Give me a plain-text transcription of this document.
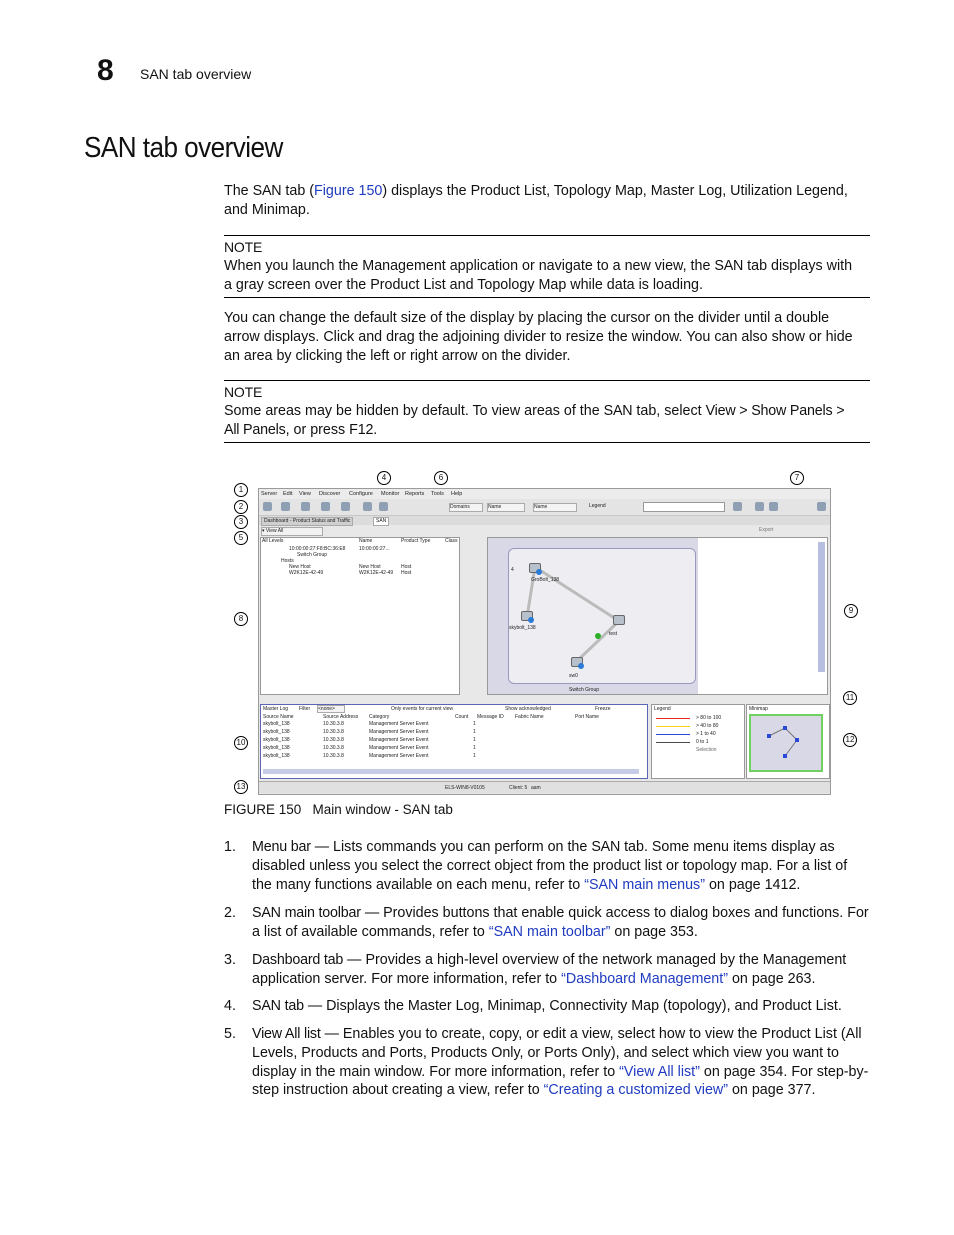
8 SAN tab overview
SAN tab overview
The SAN tab (Figure 150) displays the Product List, Topology Map, Master Log, Utilization Legend,
and Minimap.
NOTE
When you launch the Management application or navigate to a new view, the SAN tab displays with
a gray screen over the Product List and Topology Map while data is loading.
You can change the default size of the display by placing the cursor on the divider until a double
arrow displays. Click and drag the adjoining divider to resize the window. You can also show or hide
an area by clicking the left or right arrow on the divider.
NOTE
Some areas may be hidden by default. To view areas of the SAN tab, select View > Show Panels >
All Panels, or press F12.
1
2
3
4
5
6	7
8
9
10
11
12
13
Server Edit View Discover Configure Monitor Reports Tools Help
Domains	Name	Name	Legend
Dashboard - Product Status and Traffic	SAN
▾ View All	Export
All Levels	Name	Product Type	Class
10:00:00:27:F8:BC:36:E8	10:00:00:27...
Switch Group
Hosts
New Host	New Host	Host
W2K12E-42-49	W2K12E-42-49 Host	4
GroBolt_138
skybolt_138
test
sw0
Switch Group
Master Log Filter <none>	Only events for current view	Show acknowledged	Freeze
Source Name	Source Address Category	Count Message ID Fabric Name	Port Name
skybolt_138	10.30.3.8	Management Server Event	1
skybolt_138	10.30.3.8	Management Server Event	1
skybolt_138	10.30.3.8	Management Server Event	1
skybolt_138	10.30.3.8	Management Server Event	1
skybolt_138	10.30.3.8	Management Server Event	1
Legend
> 80 to 100
> 40 to 80
> 1 to 40
0 to 1
Selection
Minimap
ELS-WIN8-V0105	Client: 5 aam
FIGURE 150 Main window - SAN tab
1. Menu bar — Lists commands you can perform on the SAN tab. Some menu items display as disabled unless you select the correct object from the product list or topology map. For a list of the many functions available on each menu, refer to “SAN main menus” on page 1412.
2. SAN main toolbar — Provides buttons that enable quick access to dialog boxes and functions. For a list of available commands, refer to “SAN main toolbar” on page 353.
3. Dashboard tab — Provides a high-level overview of the network managed by the Management application server. For more information, refer to “Dashboard Management” on page 263.
4. SAN tab — Displays the Master Log, Minimap, Connectivity Map (topology), and Product List.
5. View All list — Enables you to create, copy, or edit a view, select how to view the Product List (All Levels, Products and Ports, Products Only, or Ports Only), and select which view you want to display in the main window. For more information, refer to “View All list” on page 354. For step-by-step instruction about creating a view, refer to “Creating a customized view” on page 377.
